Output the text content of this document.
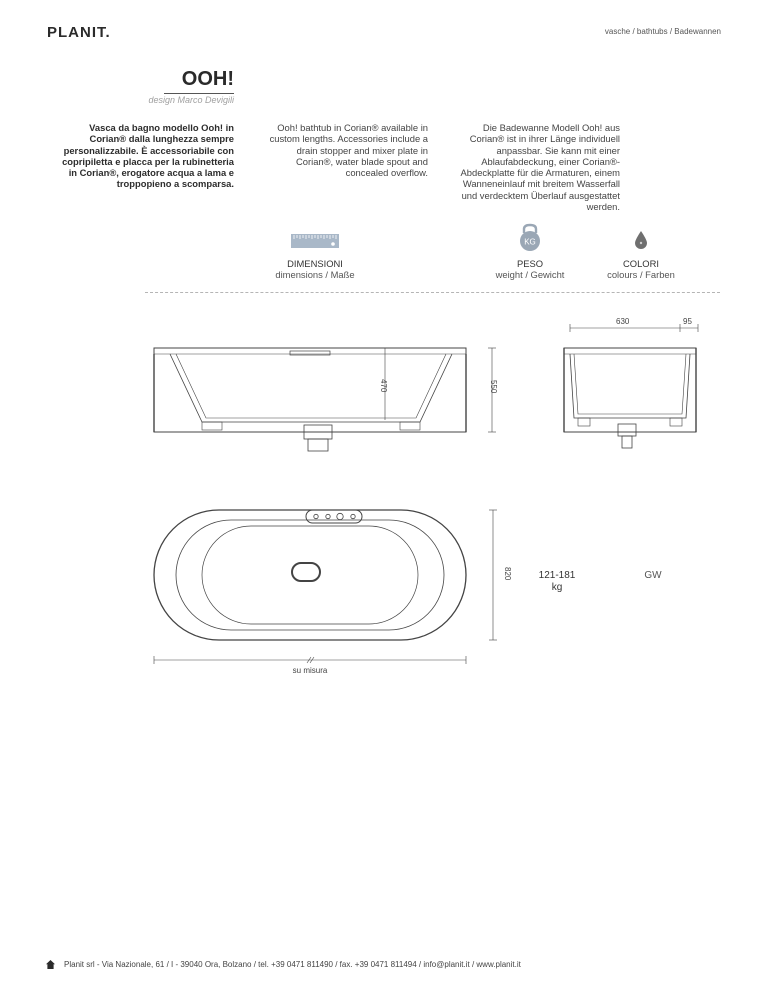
PLANIT.	vasche / bathtubs / Badewannen
OOH!
design Marco Devigili
Vasca da bagno modello Ooh! in Corian® dalla lunghezza sempre personalizzabile. È accessoriabile con copripiletta e placca per la rubinetteria in Corian®, erogatore acqua a lama e troppopieno a scomparsa.
Ooh! bathtub in Corian® available in custom lengths. Accessories include a drain stopper and mixer plate in Corian®, water blade spout and concealed overflow.
Die Badewanne Modell Ooh! aus Corian® ist in ihrer Länge individuell anpassbar. Sie kann mit einer Ablaufabdeckung, einer Corian®- Abdeckplatte für die Armaturen, einem Wanneneinlauf mit breitem Wasserfall und verdecktem Überlauf ausgestattet werden.
KG
DIMENSIONI
dimensions / Maße
PESO
weight / Gewicht
COLORI
colours / Farben
470	550
630	95
820
su misura
121-181
kg
GW
Planit srl - Via Nazionale, 61 / I - 39040 Ora, Bolzano / tel. +39 0471 811490 / fax. +39 0471 811494 / info@planit.it / www.planit.it
